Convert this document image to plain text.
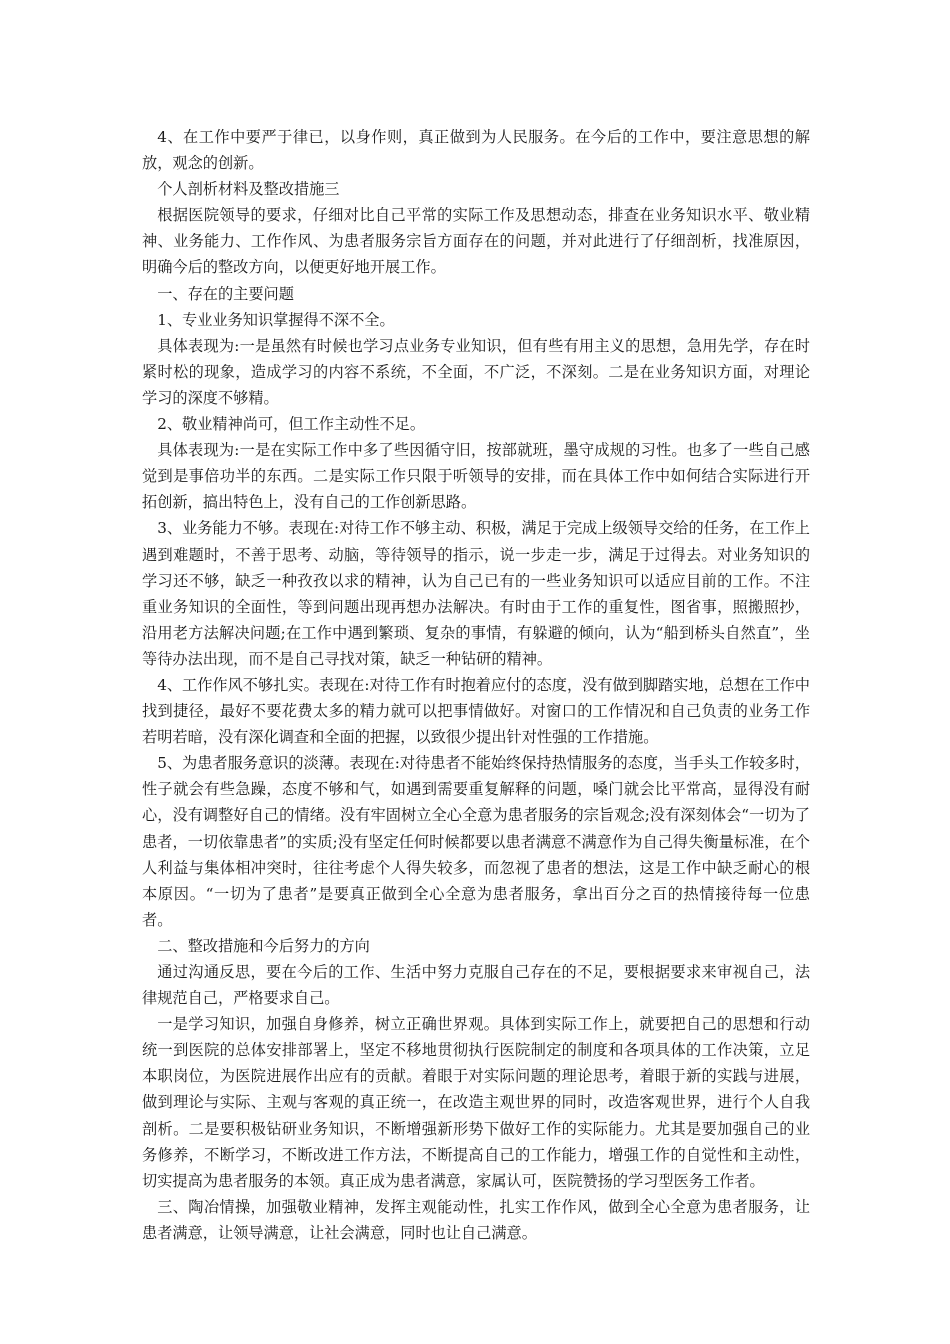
4、在工作中要严于律已，以身作则，真正做到为人民服务。在今后的工作中，要注意思想的解放，观念的创新。

个人剖析材料及整改措施三

根据医院领导的要求，仔细对比自己平常的实际工作及思想动态，排查在业务知识水平、敬业精神、业务能力、工作作风、为患者服务宗旨方面存在的问题，并对此进行了仔细剖析，找准原因，明确今后的整改方向，以便更好地开展工作。

一、存在的主要问题

1、专业业务知识掌握得不深不全。

具体表现为:一是虽然有时候也学习点业务专业知识，但有些有用主义的思想，急用先学，存在时紧时松的现象，造成学习的内容不系统，不全面，不广泛，不深刻。二是在业务知识方面，对理论学习的深度不够精。

2、敬业精神尚可，但工作主动性不足。

具体表现为:一是在实际工作中多了些因循守旧，按部就班，墨守成规的习性。也多了一些自己感觉到是事倍功半的东西。二是实际工作只限于听领导的安排，而在具体工作中如何结合实际进行开拓创新，搞出特色上，没有自己的工作创新思路。

3、业务能力不够。表现在:对待工作不够主动、积极，满足于完成上级领导交给的任务，在工作上遇到难题时，不善于思考、动脑，等待领导的指示，说一步走一步，满足于过得去。对业务知识的学习还不够，缺乏一种孜孜以求的精神，认为自己已有的一些业务知识可以适应目前的工作。不注重业务知识的全面性，等到问题出现再想办法解决。有时由于工作的重复性，图省事，照搬照抄，沿用老方法解决问题;在工作中遇到繁琐、复杂的事情，有躲避的倾向，认为“船到桥头自然直”，坐等待办法出现，而不是自己寻找对策，缺乏一种钻研的精神。

4、工作作风不够扎实。表现在:对待工作有时抱着应付的态度，没有做到脚踏实地，总想在工作中找到捷径，最好不要花费太多的精力就可以把事情做好。对窗口的工作情况和自己负责的业务工作若明若暗，没有深化调查和全面的把握，以致很少提出针对性强的工作措施。

5、为患者服务意识的淡薄。表现在:对待患者不能始终保持热情服务的态度，当手头工作较多时，性子就会有些急躁，态度不够和气，如遇到需要重复解释的问题，嗓门就会比平常高，显得没有耐心，没有调整好自己的情绪。没有牢固树立全心全意为患者服务的宗旨观念;没有深刻体会“一切为了患者，一切依靠患者”的实质;没有坚定任何时候都要以患者满意不满意作为自己得失衡量标准，在个人利益与集体相冲突时，往往考虑个人得失较多，而忽视了患者的想法，这是工作中缺乏耐心的根本原因。“一切为了患者”是要真正做到全心全意为患者服务，拿出百分之百的热情接待每一位患者。

二、整改措施和今后努力的方向

通过沟通反思，要在今后的工作、生活中努力克服自己存在的不足，要根据要求来审视自己，法律规范自己，严格要求自己。

一是学习知识，加强自身修养，树立正确世界观。具体到实际工作上，就要把自己的思想和行动统一到医院的总体安排部署上，坚定不移地贯彻执行医院制定的制度和各项具体的工作决策，立足本职岗位，为医院进展作出应有的贡献。着眼于对实际问题的理论思考，着眼于新的实践与进展，做到理论与实际、主观与客观的真正统一，在改造主观世界的同时，改造客观世界，进行个人自我剖析。二是要积极钻研业务知识，不断增强新形势下做好工作的实际能力。尤其是要加强自己的业务修养，不断学习，不断改进工作方法，不断提高自己的工作能力，增强工作的自觉性和主动性，切实提高为患者服务的本领。真正成为患者满意，家属认可，医院赞扬的学习型医务工作者。

三、陶冶情操，加强敬业精神，发挥主观能动性，扎实工作作风，做到全心全意为患者服务，让患者满意，让领导满意，让社会满意，同时也让自己满意。
